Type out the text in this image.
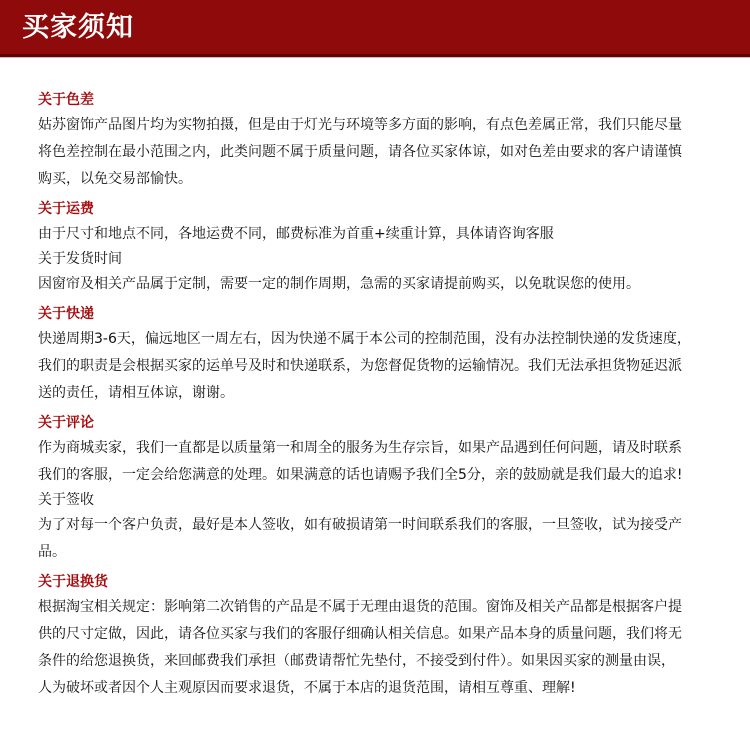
买家须知
关于色差

姑苏窗饰产品图片均为实物拍摄，但是由于灯光与环境等多方面的影响，有点色差属正常，我们只能尽量

将色差控制在最小范围之内，此类问题不属于质量问题，请各位买家体谅，如对色差由要求的客户请谨慎

购买，以免交易部愉快。

关于运费

由于尺寸和地点不同，各地运费不同，邮费标准为首重+续重计算，具体请咨询客服

关于发货时间

因窗帘及相关产品属于定制，需要一定的制作周期，急需的买家请提前购买，以免耽误您的使用。

关于快递

快递周期3-6天，偏远地区一周左右，因为快递不属于本公司的控制范围，没有办法控制快递的发货速度，

我们的职责是会根据买家的运单号及时和快递联系，为您督促货物的运输情况。我们无法承担货物延迟派

送的责任，请相互体谅，谢谢。

关于评论

作为商城卖家，我们一直都是以质量第一和周全的服务为生存宗旨，如果产品遇到任何问题，请及时联系

我们的客服，一定会给您满意的处理。如果满意的话也请赐予我们全5分，亲的鼓励就是我们最大的追求!

关于签收

为了对每一个客户负责，最好是本人签收，如有破损请第一时间联系我们的客服，一旦签收，试为接受产

品。

关于退换货

根据淘宝相关规定：影响第二次销售的产品是不属于无理由退货的范围。窗饰及相关产品都是根据客户提

供的尺寸定做，因此，请各位买家与我们的客服仔细确认相关信息。如果产品本身的质量问题，我们将无

条件的给您退换货，来回邮费我们承担（邮费请帮忙先垫付，不接受到付件）。如果因买家的测量由误，

人为破坏或者因个人主观原因而要求退货，不属于本店的退货范围，请相互尊重、理解!
